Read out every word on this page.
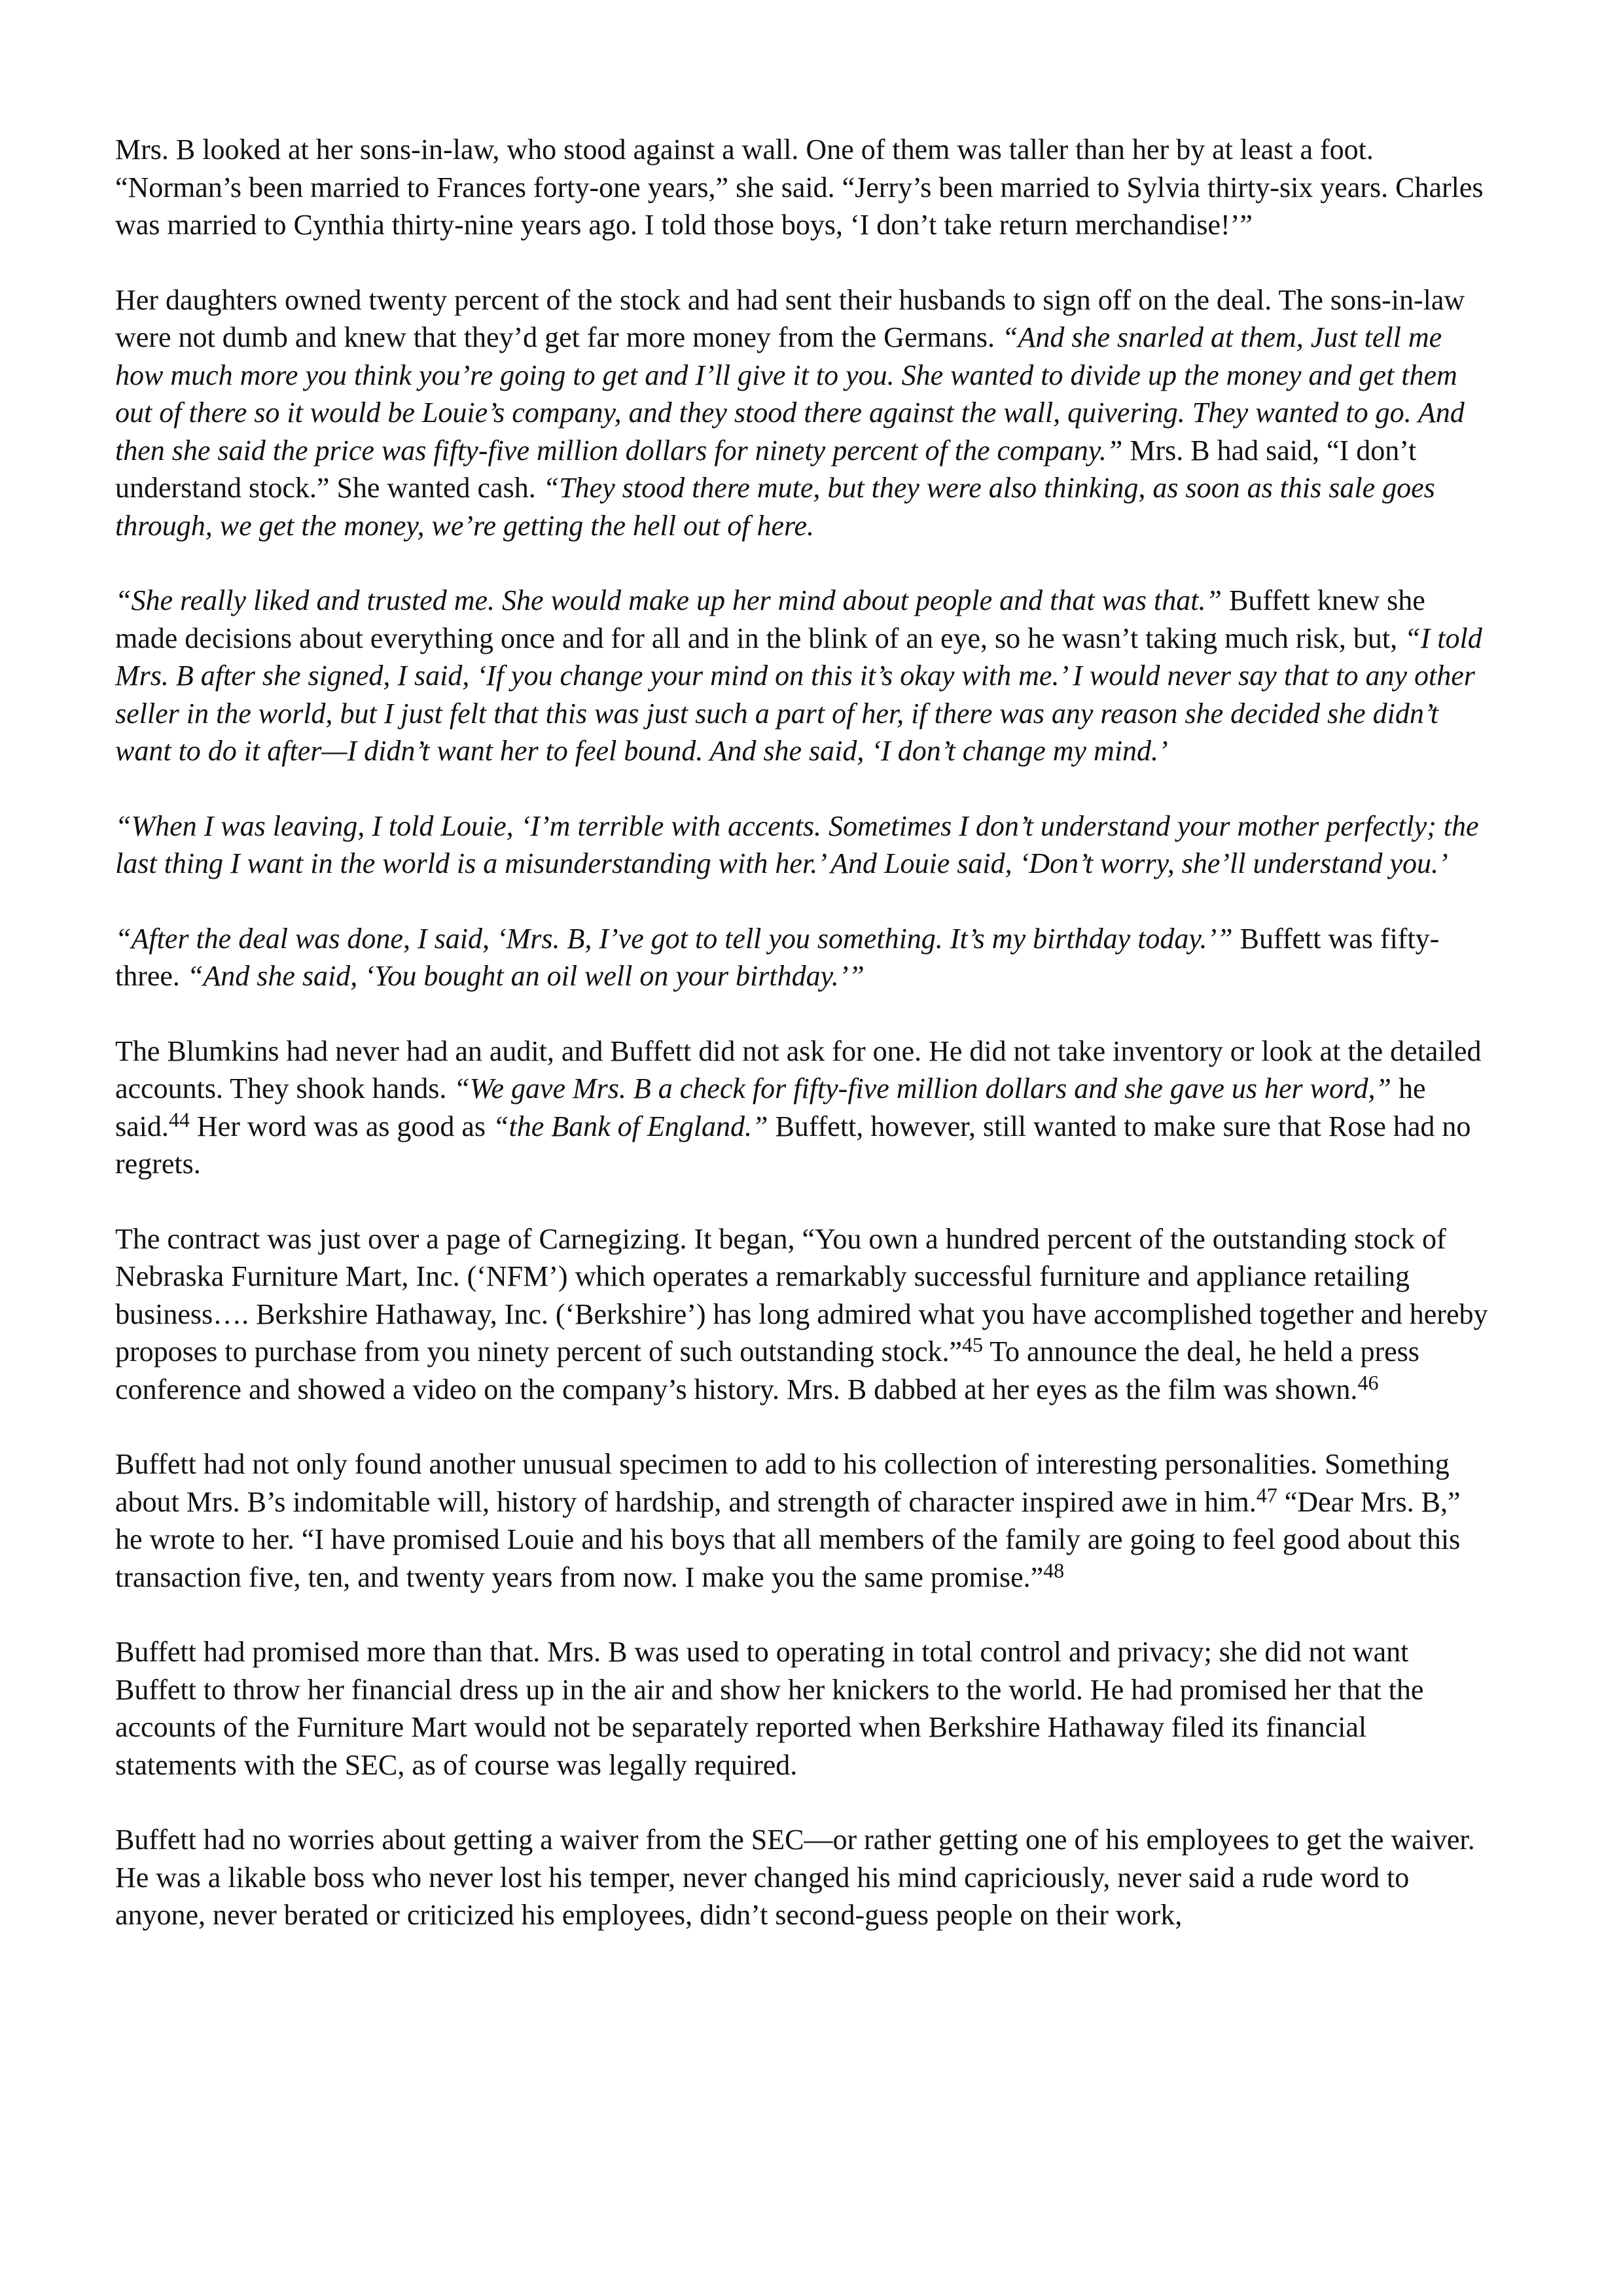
Mrs. B looked at her sons-in-law, who stood against a wall. One of them was taller than her by at least a foot. “Norman’s been married to Frances forty-one years,” she said. “Jerry’s been married to Sylvia thirty-six years. Charles was married to Cynthia thirty-nine years ago. I told those boys, ‘I don’t take return merchandise!’”

Her daughters owned twenty percent of the stock and had sent their husbands to sign off on the deal. The sons-in-law were not dumb and knew that they’d get far more money from the Germans. “And she snarled at them, Just tell me how much more you think you’re going to get and I’ll give it to you. She wanted to divide up the money and get them out of there so it would be Louie’s company, and they stood there against the wall, quivering. They wanted to go. And then she said the price was fifty-five million dollars for ninety percent of the company.” Mrs. B had said, “I don’t understand stock.” She wanted cash. “They stood there mute, but they were also thinking, as soon as this sale goes through, we get the money, we’re getting the hell out of here.

“She really liked and trusted me. She would make up her mind about people and that was that.” Buffett knew she made decisions about everything once and for all and in the blink of an eye, so he wasn’t taking much risk, but, “I told Mrs. B after she signed, I said, ‘If you change your mind on this it’s okay with me.’ I would never say that to any other seller in the world, but I just felt that this was just such a part of her, if there was any reason she decided she didn’t want to do it after—I didn’t want her to feel bound. And she said, ‘I don’t change my mind.’

“When I was leaving, I told Louie, ‘I’m terrible with accents. Sometimes I don’t understand your mother perfectly; the last thing I want in the world is a misunderstanding with her.’ And Louie said, ‘Don’t worry, she’ll understand you.’

“After the deal was done, I said, ‘Mrs. B, I’ve got to tell you something. It’s my birthday today.’” Buffett was fifty-three. “And she said, ‘You bought an oil well on your birthday.’”

The Blumkins had never had an audit, and Buffett did not ask for one. He did not take inventory or look at the detailed accounts. They shook hands. “We gave Mrs. B a check for fifty-five million dollars and she gave us her word,” he said.$^{44}$ Her word was as good as “the Bank of England.” Buffett, however, still wanted to make sure that Rose had no regrets.

The contract was just over a page of Carnegizing. It began, “You own a hundred percent of the outstanding stock of Nebraska Furniture Mart, Inc. (‘NFM’) which operates a remarkably successful furniture and appliance retailing business…. Berkshire Hathaway, Inc. (‘Berkshire’) has long admired what you have accomplished together and hereby proposes to purchase from you ninety percent of such outstanding stock.”$^{45}$ To announce the deal, he held a press conference and showed a video on the company’s history. Mrs. B dabbed at her eyes as the film was shown.$^{46}$

Buffett had not only found another unusual specimen to add to his collection of interesting personalities. Something about Mrs. B’s indomitable will, history of hardship, and strength of character inspired awe in him.$^{47}$ “Dear Mrs. B,” he wrote to her. “I have promised Louie and his boys that all members of the family are going to feel good about this transaction five, ten, and twenty years from now. I make you the same promise.”$^{48}$

Buffett had promised more than that. Mrs. B was used to operating in total control and privacy; she did not want Buffett to throw her financial dress up in the air and show her knickers to the world. He had promised her that the accounts of the Furniture Mart would not be separately reported when Berkshire Hathaway filed its financial statements with the SEC, as of course was legally required.

Buffett had no worries about getting a waiver from the SEC—or rather getting one of his employees to get the waiver. He was a likable boss who never lost his temper, never changed his mind capriciously, never said a rude word to anyone, never berated or criticized his employees, didn’t second-guess people on their work,
